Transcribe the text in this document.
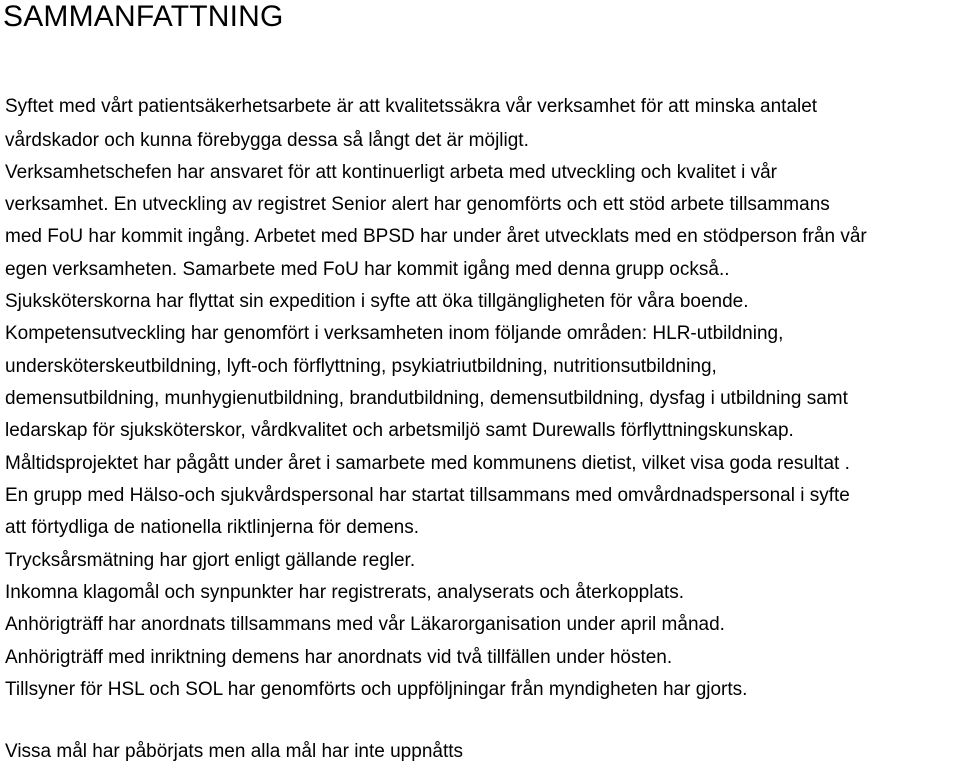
SAMMANFATTNING

Syftet med vårt patientsäkerhetsarbete är att kvalitetssäkra vår verksamhet för att minska antalet

vårdskador och kunna förebygga dessa så långt det är möjligt.

Verksamhetschefen har ansvaret för att kontinuerligt arbeta med utveckling och kvalitet i vår

verksamhet. En utveckling av registret Senior alert har genomförts och ett stöd arbete tillsammans

med FoU har kommit ingång. Arbetet med BPSD har under året utvecklats med en stödperson från vår

egen verksamheten. Samarbete med FoU har kommit igång med denna grupp också..

Sjuksköterskorna har flyttat sin expedition i syfte att öka tillgängligheten för våra boende.

Kompetensutveckling har genomfört i verksamheten inom följande områden: HLR-utbildning,

undersköterskeutbildning, lyft-och förflyttning, psykiatriutbildning, nutritionsutbildning,

demensutbildning, munhygienutbildning, brandutbildning, demensutbildning, dysfag i utbildning samt

ledarskap för sjuksköterskor, vårdkvalitet och arbetsmiljö samt Durewalls förflyttningskunskap.

Måltidsprojektet har pågått under året i samarbete med kommunens dietist, vilket visa goda resultat .

En grupp med Hälso-och sjukvårdspersonal har startat tillsammans med omvårdnadspersonal i syfte

att förtydliga de nationella riktlinjerna för demens.

Trycksårsmätning har gjort enligt gällande regler.

Inkomna klagomål och synpunkter har registrerats, analyserats och återkopplats.

Anhörigträff har anordnats tillsammans med vår Läkarorganisation under april månad.

Anhörigträff med inriktning demens har anordnats vid två tillfällen under hösten.

Tillsyner för HSL och SOL har genomförts och uppföljningar från myndigheten har gjorts.

Vissa mål har påbörjats men alla mål har inte uppnåtts
